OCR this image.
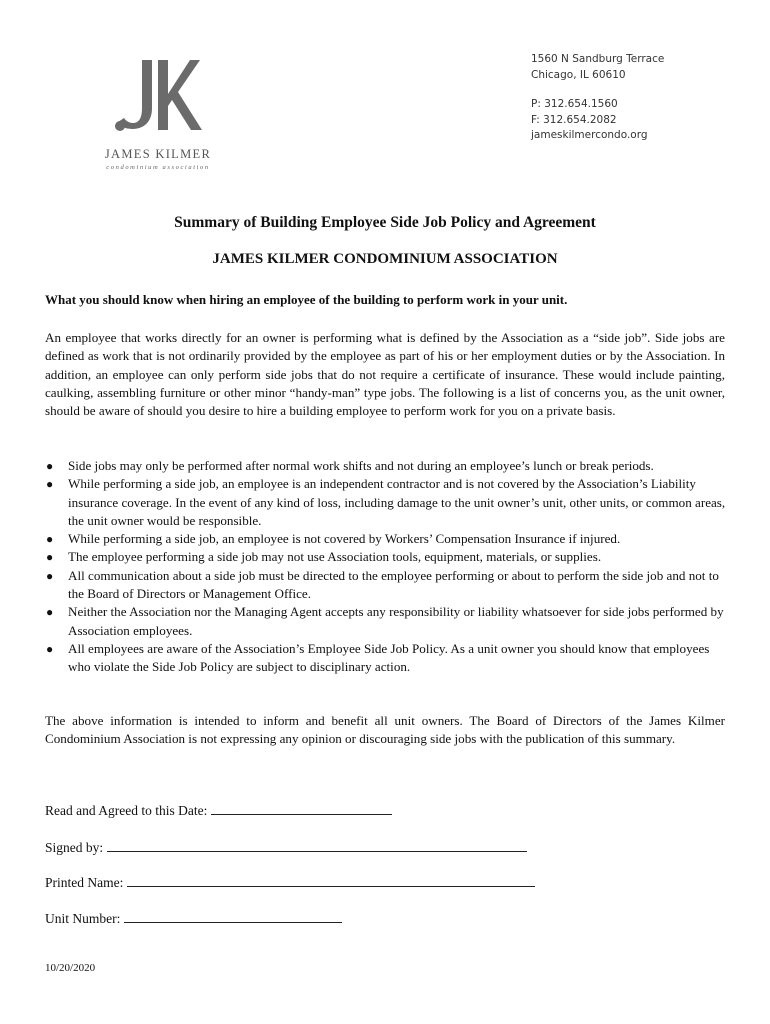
JAMES KILMER
condominium association
1560 N Sandburg Terrace
Chicago, IL 60610
P: 312.654.1560
F: 312.654.2082
jameskilmercondo.org
Summary of Building Employee Side Job Policy and Agreement
JAMES KILMER CONDOMINIUM ASSOCIATION
What you should know when hiring an employee of the building to perform work in your unit.

An employee that works directly for an owner is performing what is defined by the Association as a “side job”. Side jobs are defined as work that is not ordinarily provided by the employee as part of his or her employment duties or by the Association. In addition, an employee can only perform side jobs that do not require a certificate of insurance. These would include painting, caulking, assembling furniture or other minor “handy-man” type jobs. The following is a list of concerns you, as the unit owner, should be aware of should you desire to hire a building employee to perform work for you on a private basis.

● Side jobs may only be performed after normal work shifts and not during an employee’s lunch or break periods.
● While performing a side job, an employee is an independent contractor and is not covered by the Association’s Liability insurance coverage. In the event of any kind of loss, including damage to the unit owner’s unit, other units, or common areas, the unit owner would be responsible.
● While performing a side job, an employee is not covered by Workers’ Compensation Insurance if injured.
● The employee performing a side job may not use Association tools, equipment, materials, or supplies.
● All communication about a side job must be directed to the employee performing or about to perform the side job and not to the Board of Directors or Management Office.
● Neither the Association nor the Managing Agent accepts any responsibility or liability whatsoever for side jobs performed by Association employees.
● All employees are aware of the Association’s Employee Side Job Policy. As a unit owner you should know that employees who violate the Side Job Policy are subject to disciplinary action.

The above information is intended to inform and benefit all unit owners. The Board of Directors of the James Kilmer Condominium Association is not expressing any opinion or discouraging side jobs with the publication of this summary.

Read and Agreed to this Date:
Signed by:
Printed Name:
Unit Number:
10/20/2020
